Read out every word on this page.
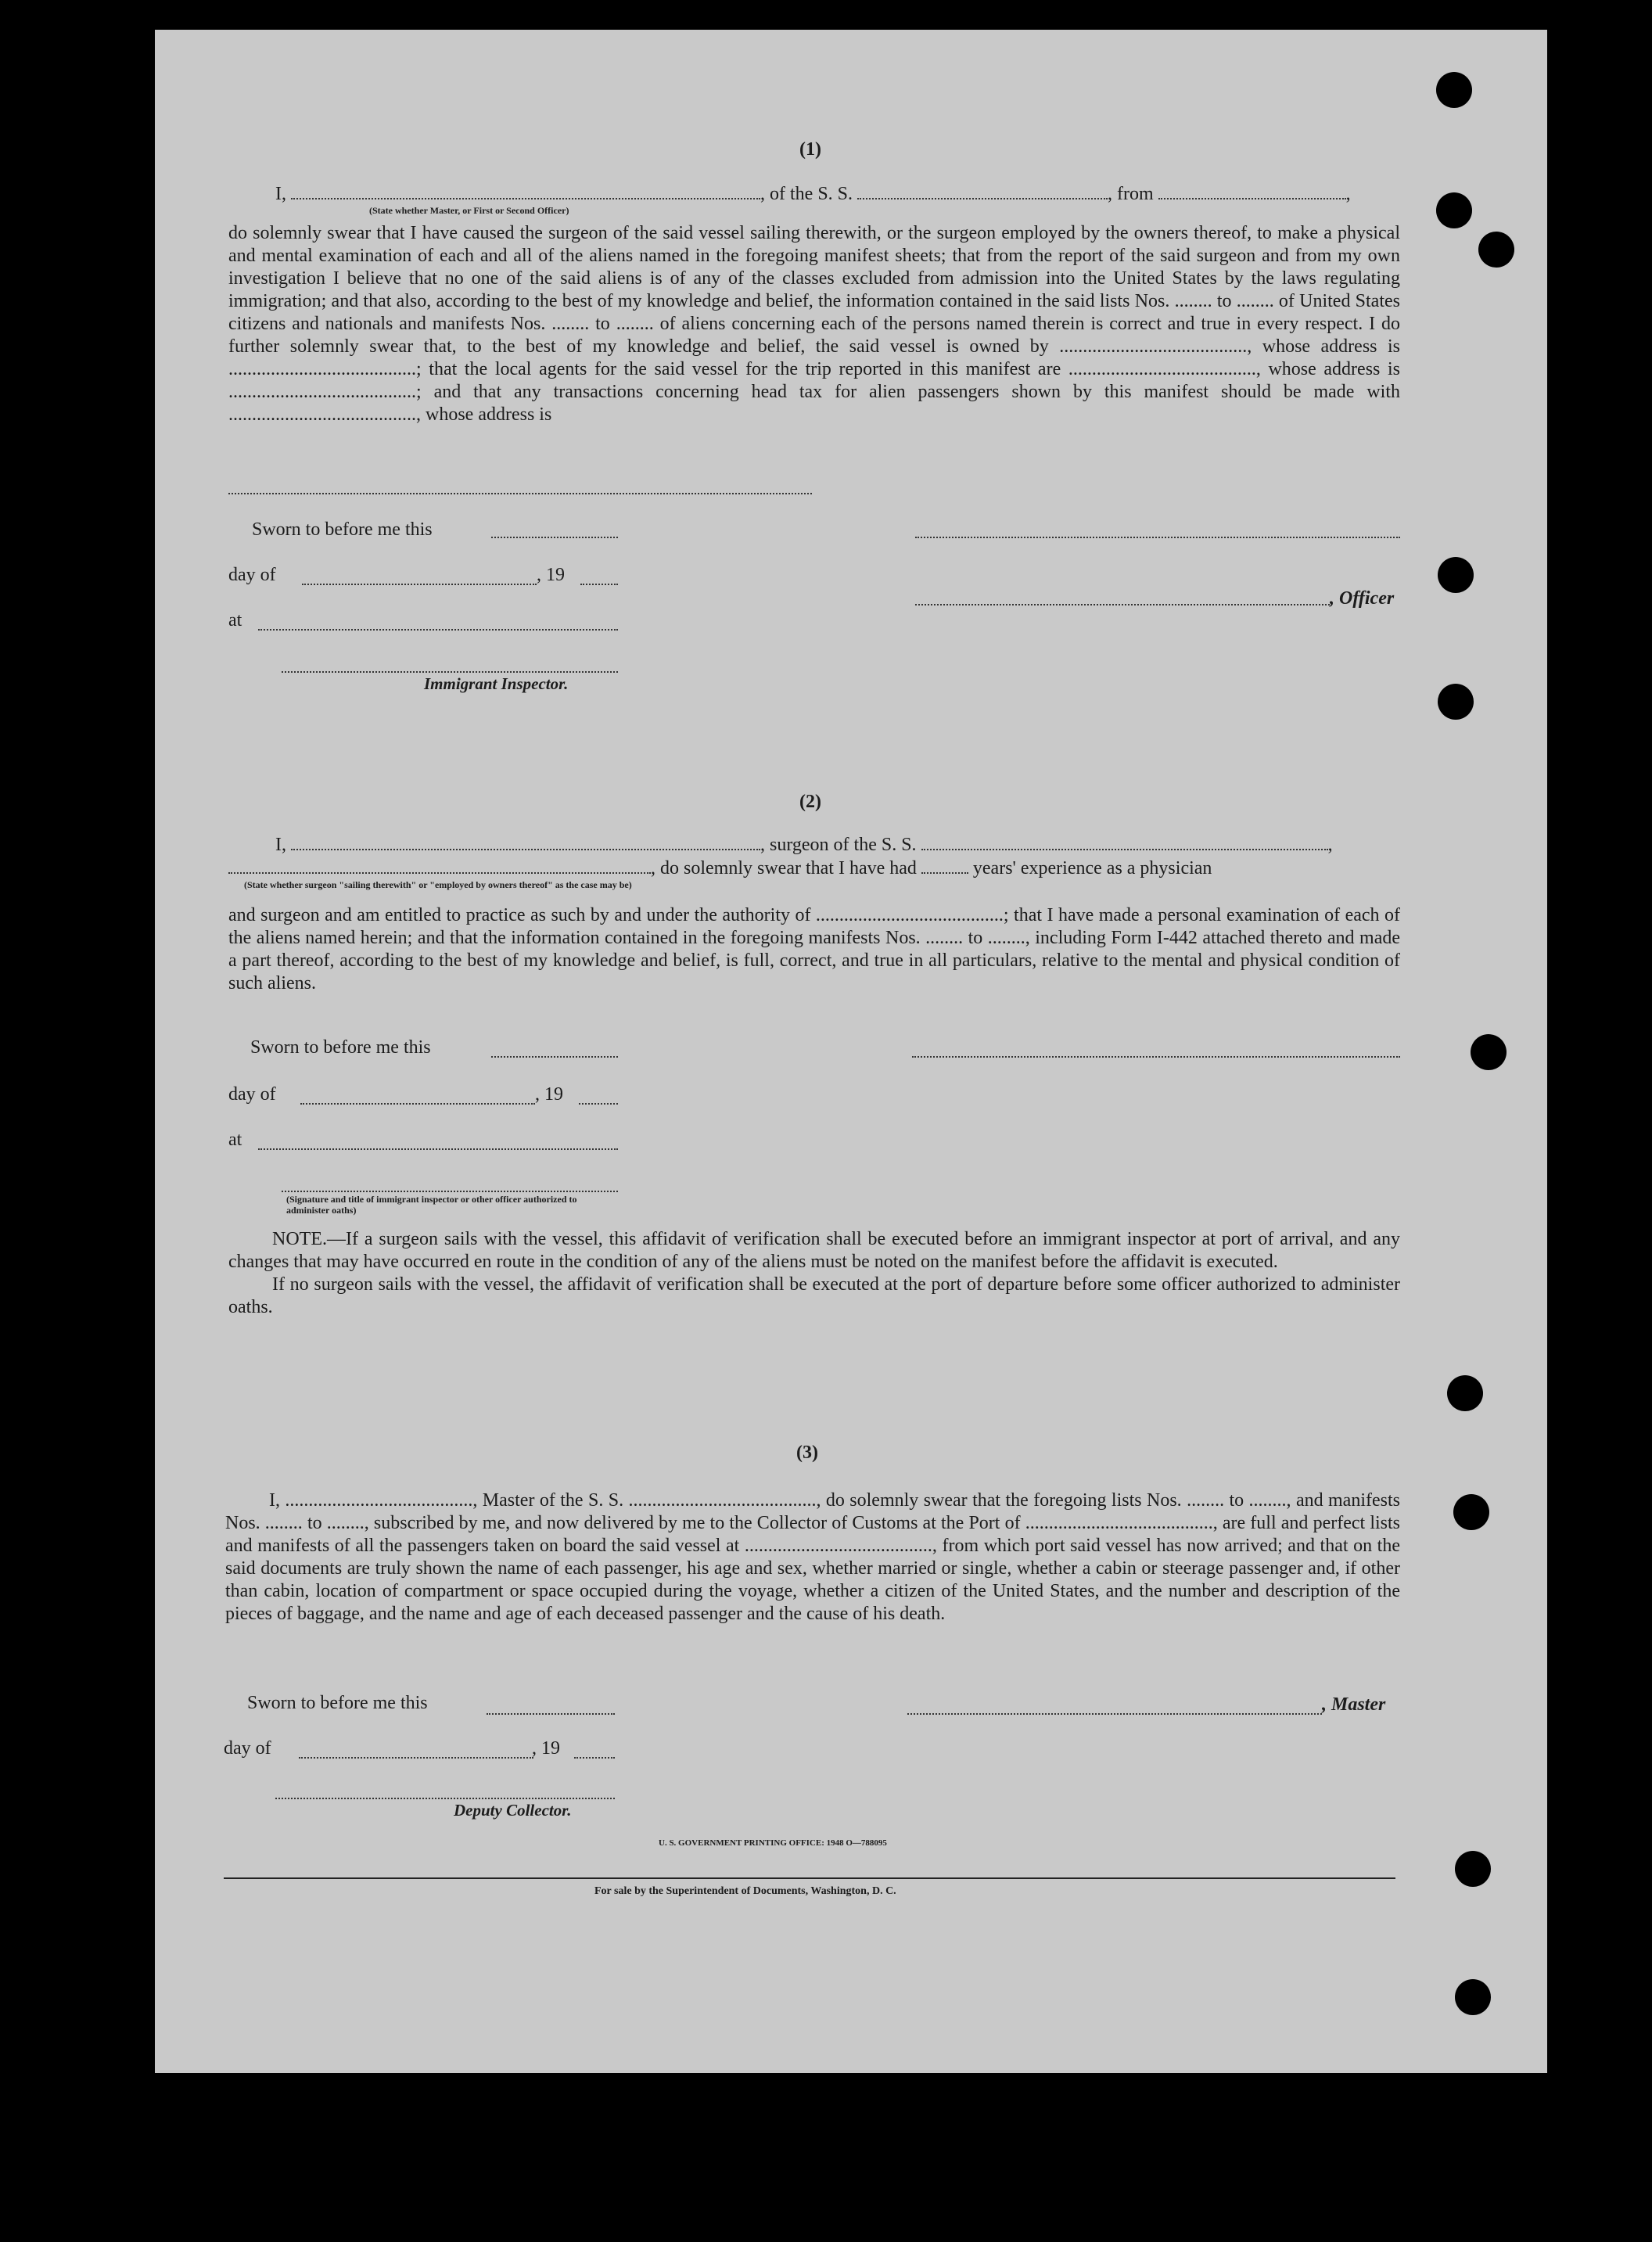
(1)
I,	, of the S. S.	, from	,
(State whether Master, or First or Second Officer)

do solemnly swear that I have caused the surgeon of the said vessel sailing therewith, or the surgeon employed by the owners thereof, to make a physical and mental examination of each and all of the aliens named in the foregoing manifest sheets; that from the report of the said surgeon and from my own investigation I believe that no one of the said aliens is of any of the classes excluded from admission into the United States by the laws regulating immigration; and that also, according to the best of my knowledge and belief, the information contained in the said lists Nos. ........ to ........ of United States citizens and nationals and manifests Nos. ........ to ........ of aliens concerning each of the persons named therein is correct and true in every respect. I do further solemnly swear that, to the best of my knowledge and belief, the said vessel is owned by ........................................, whose address is ........................................; that the local agents for the said vessel for the trip reported in this manifest are ........................................, whose address is ........................................; and that any transactions concerning head tax for alien passengers shown by this manifest should be made with ........................................, whose address is

Sworn to before me this
day of	, 19
, Officer
at
Immigrant Inspector.
(2)
I,	, surgeon of the S. S.	,
, do solemnly swear that I have had	years' experience as a physician
(State whether surgeon "sailing therewith" or "employed by owners thereof" as the case may be)

and surgeon and am entitled to practice as such by and under the authority of ........................................; that I have made a personal examination of each of the aliens named herein; and that the information contained in the foregoing manifests Nos. ........ to ........, including Form I-442 attached thereto and made a part thereof, according to the best of my knowledge and belief, is full, correct, and true in all particulars, relative to the mental and physical condition of such aliens.

Sworn to before me this
day of	, 19
at
(Signature and title of immigrant inspector or other officer authorized to administer oaths)

NOTE.—If a surgeon sails with the vessel, this affidavit of verification shall be executed before an immigrant inspector at port of arrival, and any changes that may have occurred en route in the condition of any of the aliens must be noted on the manifest before the affidavit is executed.

If no surgeon sails with the vessel, the affidavit of verification shall be executed at the port of departure before some officer authorized to administer oaths.

(3)

I, ........................................, Master of the S. S. ........................................, do solemnly swear that the foregoing lists Nos. ........ to ........, and manifests Nos. ........ to ........, subscribed by me, and now delivered by me to the Collector of Customs at the Port of ........................................, are full and perfect lists and manifests of all the passengers taken on board the said vessel at ........................................, from which port said vessel has now arrived; and that on the said documents are truly shown the name of each passenger, his age and sex, whether married or single, whether a cabin or steerage passenger and, if other than cabin, location of compartment or space occupied during the voyage, whether a citizen of the United States, and the number and description of the pieces of baggage, and the name and age of each deceased passenger and the cause of his death.

Sworn to before me this	, Master
day of	, 19
Deputy Collector.
U. S. GOVERNMENT PRINTING OFFICE: 1948 O—788095
For sale by the Superintendent of Documents, Washington, D. C.
